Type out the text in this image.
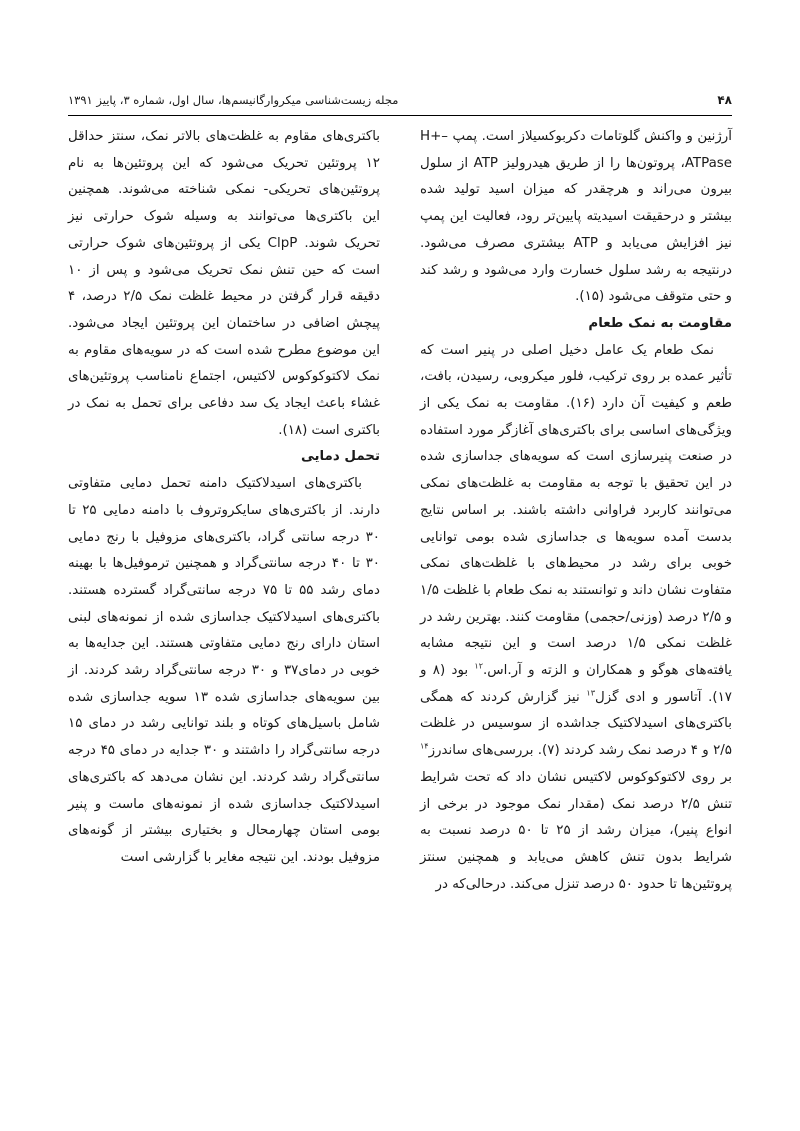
۴۸
مجله زیست‌شناسی میکروارگانیسم‌ها، سال اول، شماره ۳، پاییز ۱۳۹۱

آرژنین و واکنش گلوتامات دکربوکسیلاز است. پمپ H+–ATPase، پروتون‌ها را از طریق هیدرولیز ATP از سلول بیرون می‌راند و هرچقدر که میزان اسید تولید شده بیشتر و درحقیقت اسیدیته پایین‌تر رود، فعالیت این پمپ نیز افزایش می‌یابد و ATP بیشتری مصرف می‌شود. درنتیجه به رشد سلول خسارت وارد می‌شود و رشد کند و حتی متوقف می‌شود (۱۵).

مقاومت به نمک طعام

نمک طعام یک عامل دخیل اصلی در پنیر است که تأثیر عمده بر روی ترکیب، فلور میکروبی، رسیدن، بافت، طعم و کیفیت آن دارد (۱۶). مقاومت به نمک یکی از ویژگی‌های اساسی برای باکتری‌های آغازگر مورد استفاده در صنعت پنیرسازی است که سویه‌های جداسازی شده در این تحقیق با توجه به مقاومت به غلظت‌های نمکی می‌توانند کاربرد فراوانی داشته باشند. بر اساس نتایج بدست آمده سویه‌ها ی جداسازی شده بومی توانایی خوبی برای رشد در محیط‌های با غلظت‌های نمکی متفاوت نشان داند و توانستند به نمک طعام با غلظت ۱/۵ و ۲/۵ درصد (وزنی/حجمی) مقاومت کنند. بهترین رشد در غلظت نمکی ۱/۵ درصد است و این نتیجه مشابه یافته‌های هوگو و همکاران و الزته و آر.اس.$^{۱۲}$ بود (۸ و ۱۷). آتاسور و ادی گزل$^{۱۳}$ نیز گزارش کردند که همگی باکتری‌های اسیدلاکتیک جداشده از سوسیس در غلظت ۲/۵ و ۴ درصد نمک رشد کردند (۷). بررسی‌های ساندرز$^{۱۴}$ بر روی لاکتوکوکوس لاکتیس نشان داد که تحت شرایط تنش ۲/۵ درصد نمک (مقدار نمک موجود در برخی از انواع پنیر)، میزان رشد از ۲۵ تا ۵۰ درصد نسبت به شرایط بدون تنش کاهش می‌یابد و همچنین سنتز پروتئین‌ها تا حدود ۵۰ درصد تنزل می‌کند. درحالی‌که در

باکتری‌های مقاوم به غلظت‌های بالاتر نمک، سنتز حداقل ۱۲ پروتئین تحریک می‌شود که این پروتئین‌ها به نام پروتئین‌های تحریکی- نمکی شناخته می‌شوند. همچنین این باکتری‌ها می‌توانند به وسیله شوک حرارتی نیز تحریک شوند. ClpP یکی از پروتئین‌های شوک حرارتی است که حین تنش نمک تحریک می‌شود و پس از ۱۰ دقیقه قرار گرفتن در محیط غلظت نمک ۲/۵ درصد، ۴ پیچش اضافی در ساختمان این پروتئین ایجاد می‌شود. این موضوع مطرح شده است که در سویه‌های مقاوم به نمک لاکتوکوکوس لاکتیس، اجتماع نامناسب پروتئین‌های غشاء باعث ایجاد یک سد دفاعی برای تحمل به نمک در باکتری است (۱۸).

تحمل دمایی

باکتری‌های اسیدلاکتیک دامنه تحمل دمایی متفاوتی دارند. از باکتری‌های سایکروتروف با دامنه دمایی ۲۵ تا ۳۰ درجه سانتی گراد، باکتری‌های مزوفیل با رنج دمایی ۳۰ تا ۴۰ درجه سانتی‌گراد و همچنین ترموفیل‌ها با بهینه دمای رشد ۵۵ تا ۷۵ درجه سانتی‌گراد گسترده هستند. باکتری‌های اسیدلاکتیک جداسازی شده از نمونه‌های لبنی استان دارای رنج دمایی متفاوتی هستند. این جدایه‌ها به خوبی در دمای۳۷ و ۳۰ درجه سانتی‌گراد رشد کردند. از بین سویه‌های جداسازی شده ۱۳ سویه جداسازی شده شامل باسیل‌های کوتاه و بلند توانایی رشد در دمای ۱۵ درجه سانتی‌گراد را داشتند و ۳۰ جدایه در دمای ۴۵ درجه سانتی‌گراد رشد کردند. این نشان می‌دهد که باکتری‌های اسیدلاکتیک جداسازی شده از نمونه‌های ماست و پنیر بومی استان چهارمحال و بختیاری بیشتر از گونه‌های مزوفیل بودند. این نتیجه مغایر با گزارشی است
